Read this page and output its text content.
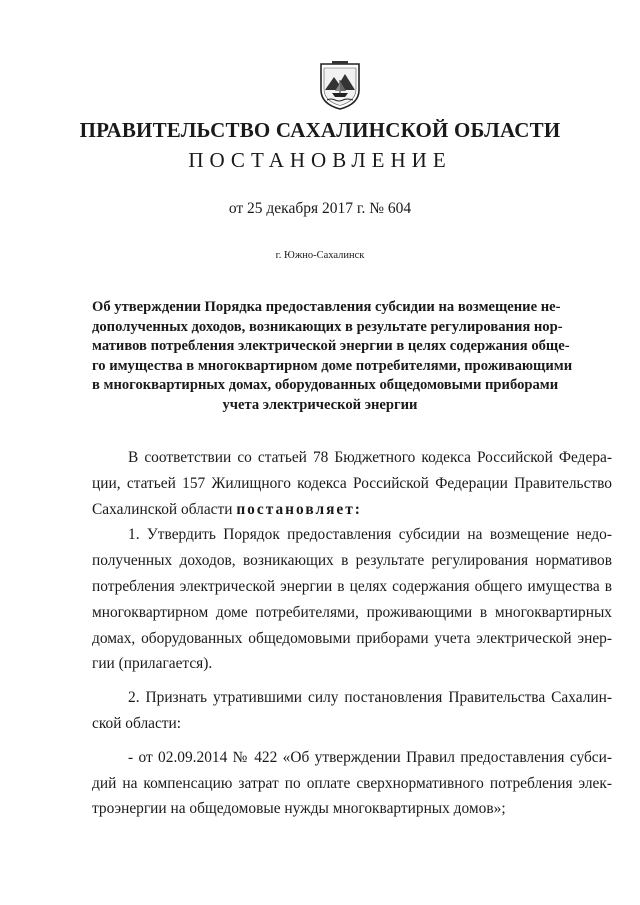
ПРАВИТЕЛЬСТВО САХАЛИНСКОЙ ОБЛАСТИ
ПОСТАНОВЛЕНИЕ
от 25 декабря 2017 г. № 604
г. Южно-Сахалинск
Об утверждении Порядка предоставления субсидии на возмещение не-
дополученных доходов, возникающих в результате регулирования нор-
мативов потребления электрической энергии в целях содержания обще-
го имущества в многоквартирном доме потребителями, проживающими
в многоквартирных домах, оборудованных общедомовыми приборами
учета электрической энергии
В соответствии со статьей 78 Бюджетного кодекса Российской Федера-
ции, статьей 157 Жилищного кодекса Российской Федерации Правительство
Сахалинской области постановляет:
1. Утвердить Порядок предоставления субсидии на возмещение недо-
полученных доходов, возникающих в результате регулирования нормативов
потребления электрической энергии в целях содержания общего имущества в
многоквартирном доме потребителями, проживающими в многоквартирных
домах, оборудованных общедомовыми приборами учета электрической энер-
гии (прилагается).
2. Признать утратившими силу постановления Правительства Сахалин-
ской области:
- от 02.09.2014 № 422 «Об утверждении Правил предоставления субси-
дий на компенсацию затрат по оплате сверхнормативного потребления элек-
троэнергии на общедомовые нужды многоквартирных домов»;
